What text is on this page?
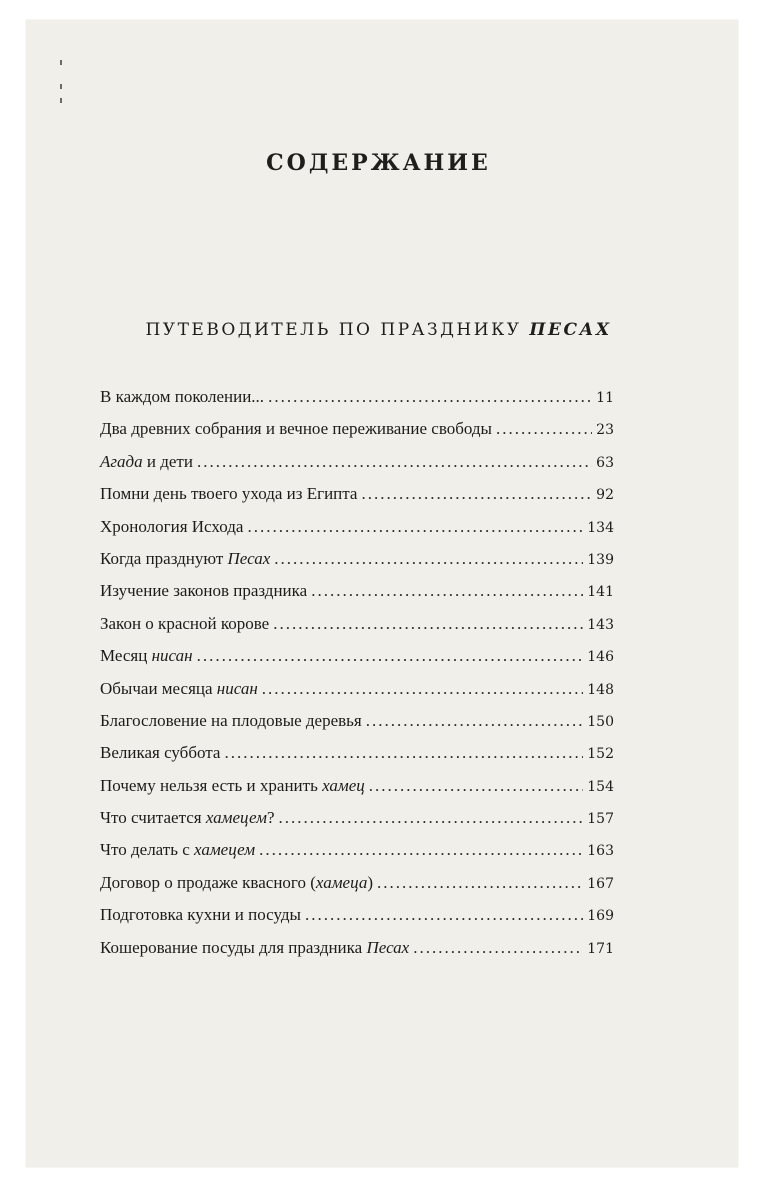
СОДЕРЖАНИЕ
ПУТЕВОДИТЕЛЬ ПО ПРАЗДНИКУ ПЕСАХ
В каждом поколении... .....	11
Два древних собрания и вечное переживание свободы .....	23
Агада и дети .....	63
Помни день твоего ухода из Египта .....	92
Хронология Исхода .....	134
Когда празднуют Песах .....	139
Изучение законов праздника .....	141
Закон о красной корове .....	143
Месяц нисан .....	146
Обычаи месяца нисан .....	148
Благословение на плодовые деревья .....	150
Великая суббота .....	152
Почему нельзя есть и хранить хамец .....	154
Что считается хамецем? .....	157
Что делать с хамецем .....	163
Договор о продаже квасного (хамеца) .....	167
Подготовка кухни и посуды .....	169
Кошерование посуды для праздника Песах .....	171
